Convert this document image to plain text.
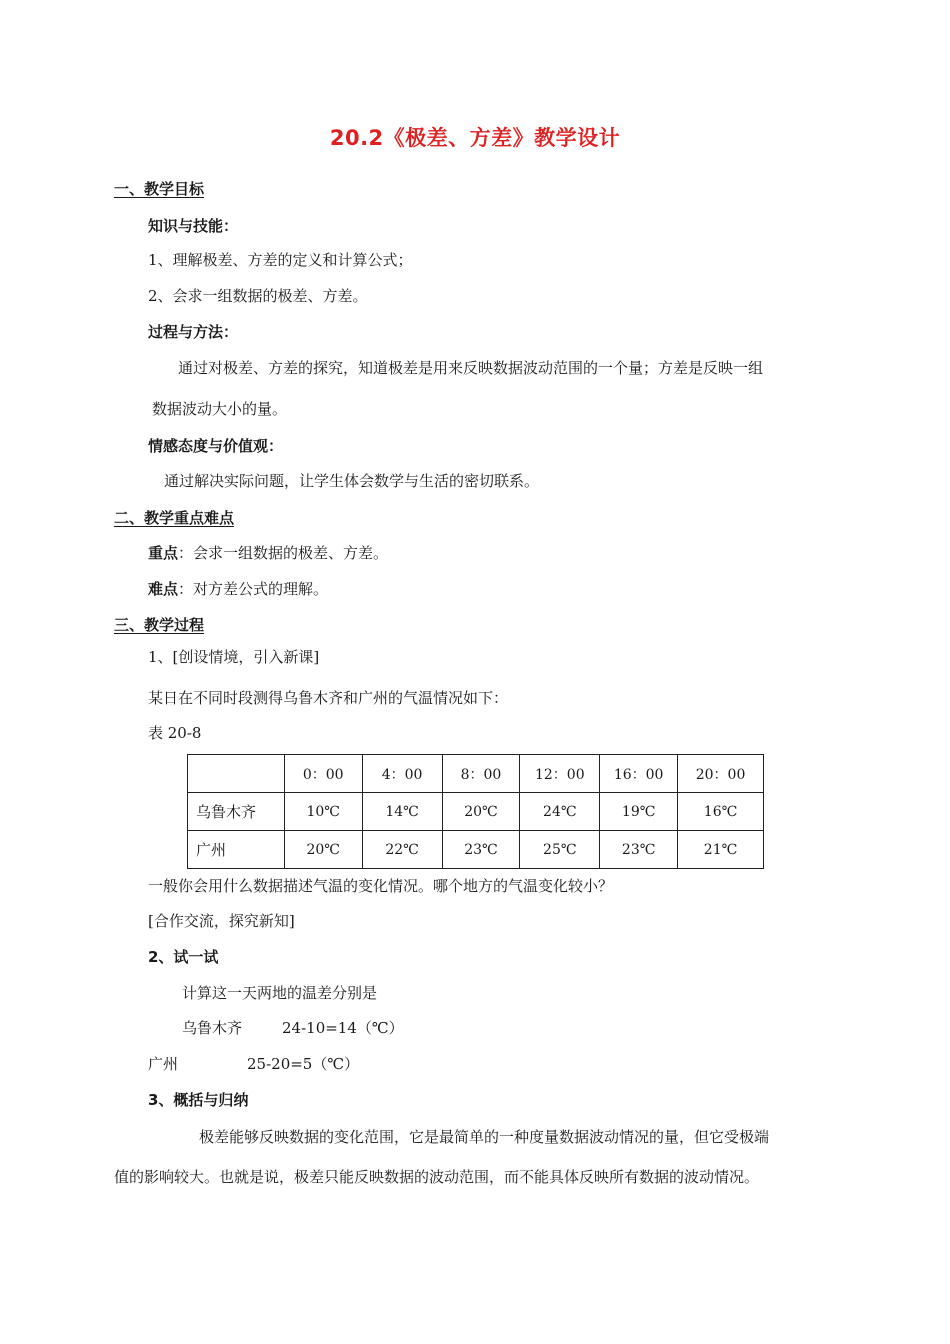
20.2《极差、方差》教学设计
一、教学目标
知识与技能：
1、理解极差、方差的定义和计算公式；
2、会求一组数据的极差、方差。
过程与方法：
通过对极差、方差的探究，知道极差是用来反映数据波动范围的一个量；方差是反映一组
数据波动大小的量。
情感态度与价值观：
通过解决实际问题，让学生体会数学与生活的密切联系。
二、教学重点难点
重点：会求一组数据的极差、方差。
难点：对方差公式的理解。
三、教学过程
1、[创设情境，引入新课]
某日在不同时段测得乌鲁木齐和广州的气温情况如下：
表 20-8
	0：00	4：00	8：00	12：00	16：00	20：00
乌鲁木齐	10℃	14℃	20℃	24℃	19℃	16℃
广州	20℃	22℃	23℃	25℃	23℃	21℃
一般你会用什么数据描述气温的变化情况。哪个地方的气温变化较小？
[合作交流，探究新知]
2、试一试
计算这一天两地的温差分别是
乌鲁木齐	24-10=14（℃）
广州	25-20=5（℃）
3、概括与归纳
极差能够反映数据的变化范围，它是最简单的一种度量数据波动情况的量，但它受极端
值的影响较大。也就是说，极差只能反映数据的波动范围，而不能具体反映所有数据的波动情况。
